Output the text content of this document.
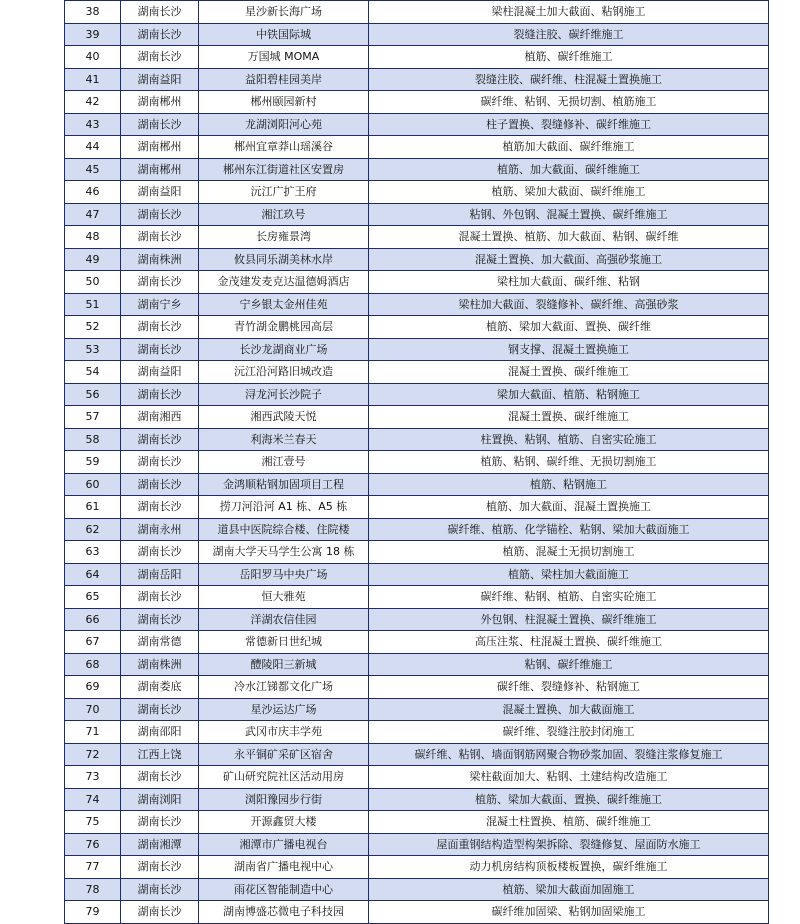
38	湖南长沙	星沙新长海广场	梁柱混凝土加大截面、粘钢施工
39	湖南长沙	中铁国际城	裂缝注胶、碳纤维施工
40	湖南长沙	万国城 MOMA	植筋、碳纤维施工
41	湖南益阳	益阳碧桂园美岸	裂缝注胶、碳纤维、柱混凝土置换施工
42	湖南郴州	郴州颐园新村	碳纤维、粘钢、无损切割、植筋施工
43	湖南长沙	龙湖浏阳河心苑	柱子置换、裂缝修补、碳纤维施工
44	湖南郴州	郴州宜章莽山瑶溪谷	植筋加大截面、碳纤维施工
45	湖南郴州	郴州东江街道社区安置房	植筋、加大截面、碳纤维施工
46	湖南益阳	沅江广扩王府	植筋、梁加大截面、碳纤维施工
47	湖南长沙	湘江玖号	粘钢、外包钢、混凝土置换、碳纤维施工
48	湖南长沙	长房雍景湾	混凝土置换、植筋、加大截面、粘钢、碳纤维
49	湖南株洲	攸县同乐湖美林水岸	混凝土置换、加大截面、高强砂浆施工
50	湖南长沙	金茂建发麦克达温德姆酒店	梁柱加大截面、碳纤维、粘钢
51	湖南宁乡	宁乡银太金州佳苑	梁柱加大截面、裂缝修补、碳纤维、高强砂浆
52	湖南长沙	青竹湖金鹏桃园高层	植筋、梁加大截面、置换、碳纤维
53	湖南长沙	长沙龙湖商业广场	钢支撑、混凝土置换施工
54	湖南益阳	沅江沿河路旧城改造	混凝土置换、碳纤维施工
56	湖南长沙	浔龙河长沙院子	梁加大截面、植筋、粘钢施工
57	湖南湘西	湘西武陵天悦	混凝土置换、碳纤维施工
58	湖南长沙	利海米兰春天	柱置换、粘钢、植筋、自密实砼施工
59	湖南长沙	湘江壹号	植筋、粘钢、碳纤维、无损切割施工
60	湖南长沙	金鸿顺粘钢加固项目工程	植筋、粘钢施工
61	湖南长沙	捞刀河沿河 A1 栋、A5 栋	植筋、加大截面、混凝土置换施工
62	湖南永州	道县中医院综合楼、住院楼	碳纤维、植筋、化学锚栓、粘钢、梁加大截面施工
63	湖南长沙	湖南大学天马学生公寓 18 栋	植筋、混凝土无损切割施工
64	湖南岳阳	岳阳罗马中央广场	植筋、梁柱加大截面施工
65	湖南长沙	恒大雅苑	碳纤维、粘钢、植筋、自密实砼施工
66	湖南长沙	洋湖农信佳园	外包钢、柱混凝土置换、碳纤维施工
67	湖南常德	常德新日世纪城	高压注浆、柱混凝土置换、碳纤维施工
68	湖南株洲	醴陵阳三新城	粘钢、碳纤维施工
69	湖南娄底	冷水江锑都文化广场	碳纤维、裂缝修补、粘钢施工
70	湖南长沙	星沙运达广场	混凝土置换、加大截面施工
71	湖南邵阳	武冈市庆丰学苑	碳纤维、裂缝注胶封闭施工
72	江西上饶	永平铜矿采矿区宿舍	碳纤维、粘钢、墙面钢筋网聚合物砂浆加固、裂缝注浆修复施工
73	湖南长沙	矿山研究院社区活动用房	梁柱截面加大、粘钢、土建结构改造施工
74	湖南浏阳	浏阳豫园步行街	植筋、梁加大截面、置换、碳纤维施工
75	湖南长沙	开源鑫贸大楼	混凝土柱置换、植筋、碳纤维施工
76	湖南湘潭	湘潭市广播电视台	屋面重钢结构造型构架拆除、裂缝修复、屋面防水施工
77	湖南长沙	湖南省广播电视中心	动力机房结构顶板楼板置换，碳纤维施工
78	湖南长沙	雨花区智能制造中心	植筋、梁加大截面加固施工
79	湖南长沙	湖南博盛芯微电子科技园	碳纤维加固梁、粘钢加固梁施工
